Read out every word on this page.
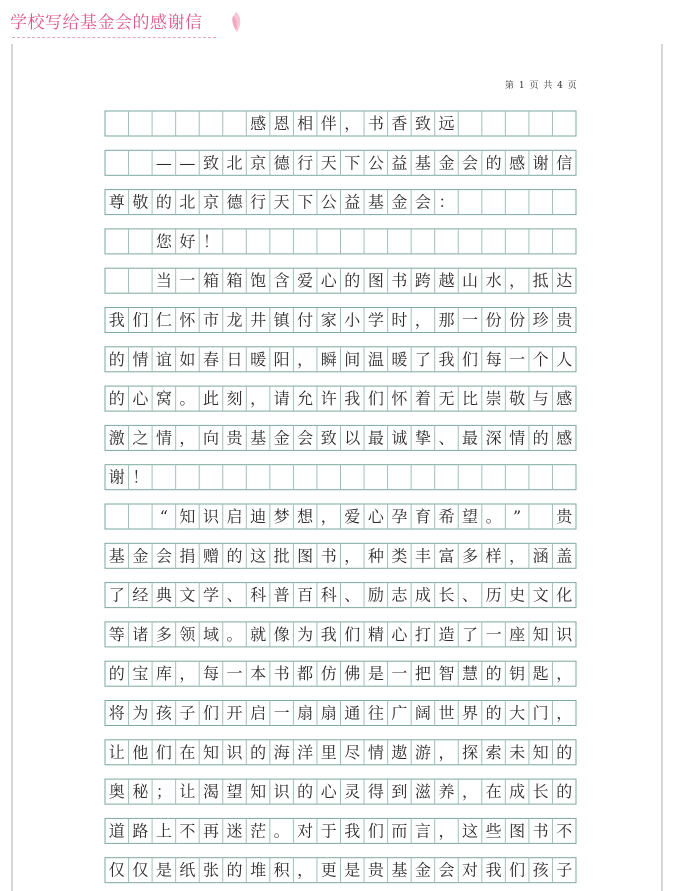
学校写给基金会的感谢信
第 1 页 共 4 页
感 恩 相 伴 ， 书 香 致 远
— — 致 北 京 德 行 天 下 公 益 基 金 会 的 感 谢 信
尊 敬 的 北 京 德 行 天 下 公 益 基 金 会 ：
您 好 ！
当 一 箱 箱 饱 含 爱 心 的 图 书 跨 越 山 水 ， 抵 达
我 们 仁 怀 市 龙 井 镇 付 家 小 学 时 ， 那 一 份 份 珍 贵
的 情 谊 如 春 日 暖 阳 ， 瞬 间 温 暖 了 我 们 每 一 个 人
的 心 窝 。 此 刻 ， 请 允 许 我 们 怀 着 无 比 崇 敬 与 感
激 之 情 ， 向 贵 基 金 会 致 以 最 诚 挚 、 最 深 情 的 感
谢 ！
“ 知 识 启 迪 梦 想 ， 爱 心 孕 育 希 望 。 ” 贵
基 金 会 捐 赠 的 这 批 图 书 ， 种 类 丰 富 多 样 ， 涵 盖
了 经 典 文 学 、 科 普 百 科 、 励 志 成 长 、 历 史 文 化
等 诸 多 领 域 。 就 像 为 我 们 精 心 打 造 了 一 座 知 识
的 宝 库 ， 每 一 本 书 都 仿 佛 是 一 把 智 慧 的 钥 匙 ，
将 为 孩 子 们 开 启 一 扇 扇 通 往 广 阔 世 界 的 大 门 ，
让 他 们 在 知 识 的 海 洋 里 尽 情 遨 游 ， 探 索 未 知 的
奥 秘 ； 让 渴 望 知 识 的 心 灵 得 到 滋 养 ， 在 成 长 的
道 路 上 不 再 迷 茫 。 对 于 我 们 而 言 ， 这 些 图 书 不
仅 仅 是 纸 张 的 堆 积 ， 更 是 贵 基 金 会 对 我 们 孩 子
